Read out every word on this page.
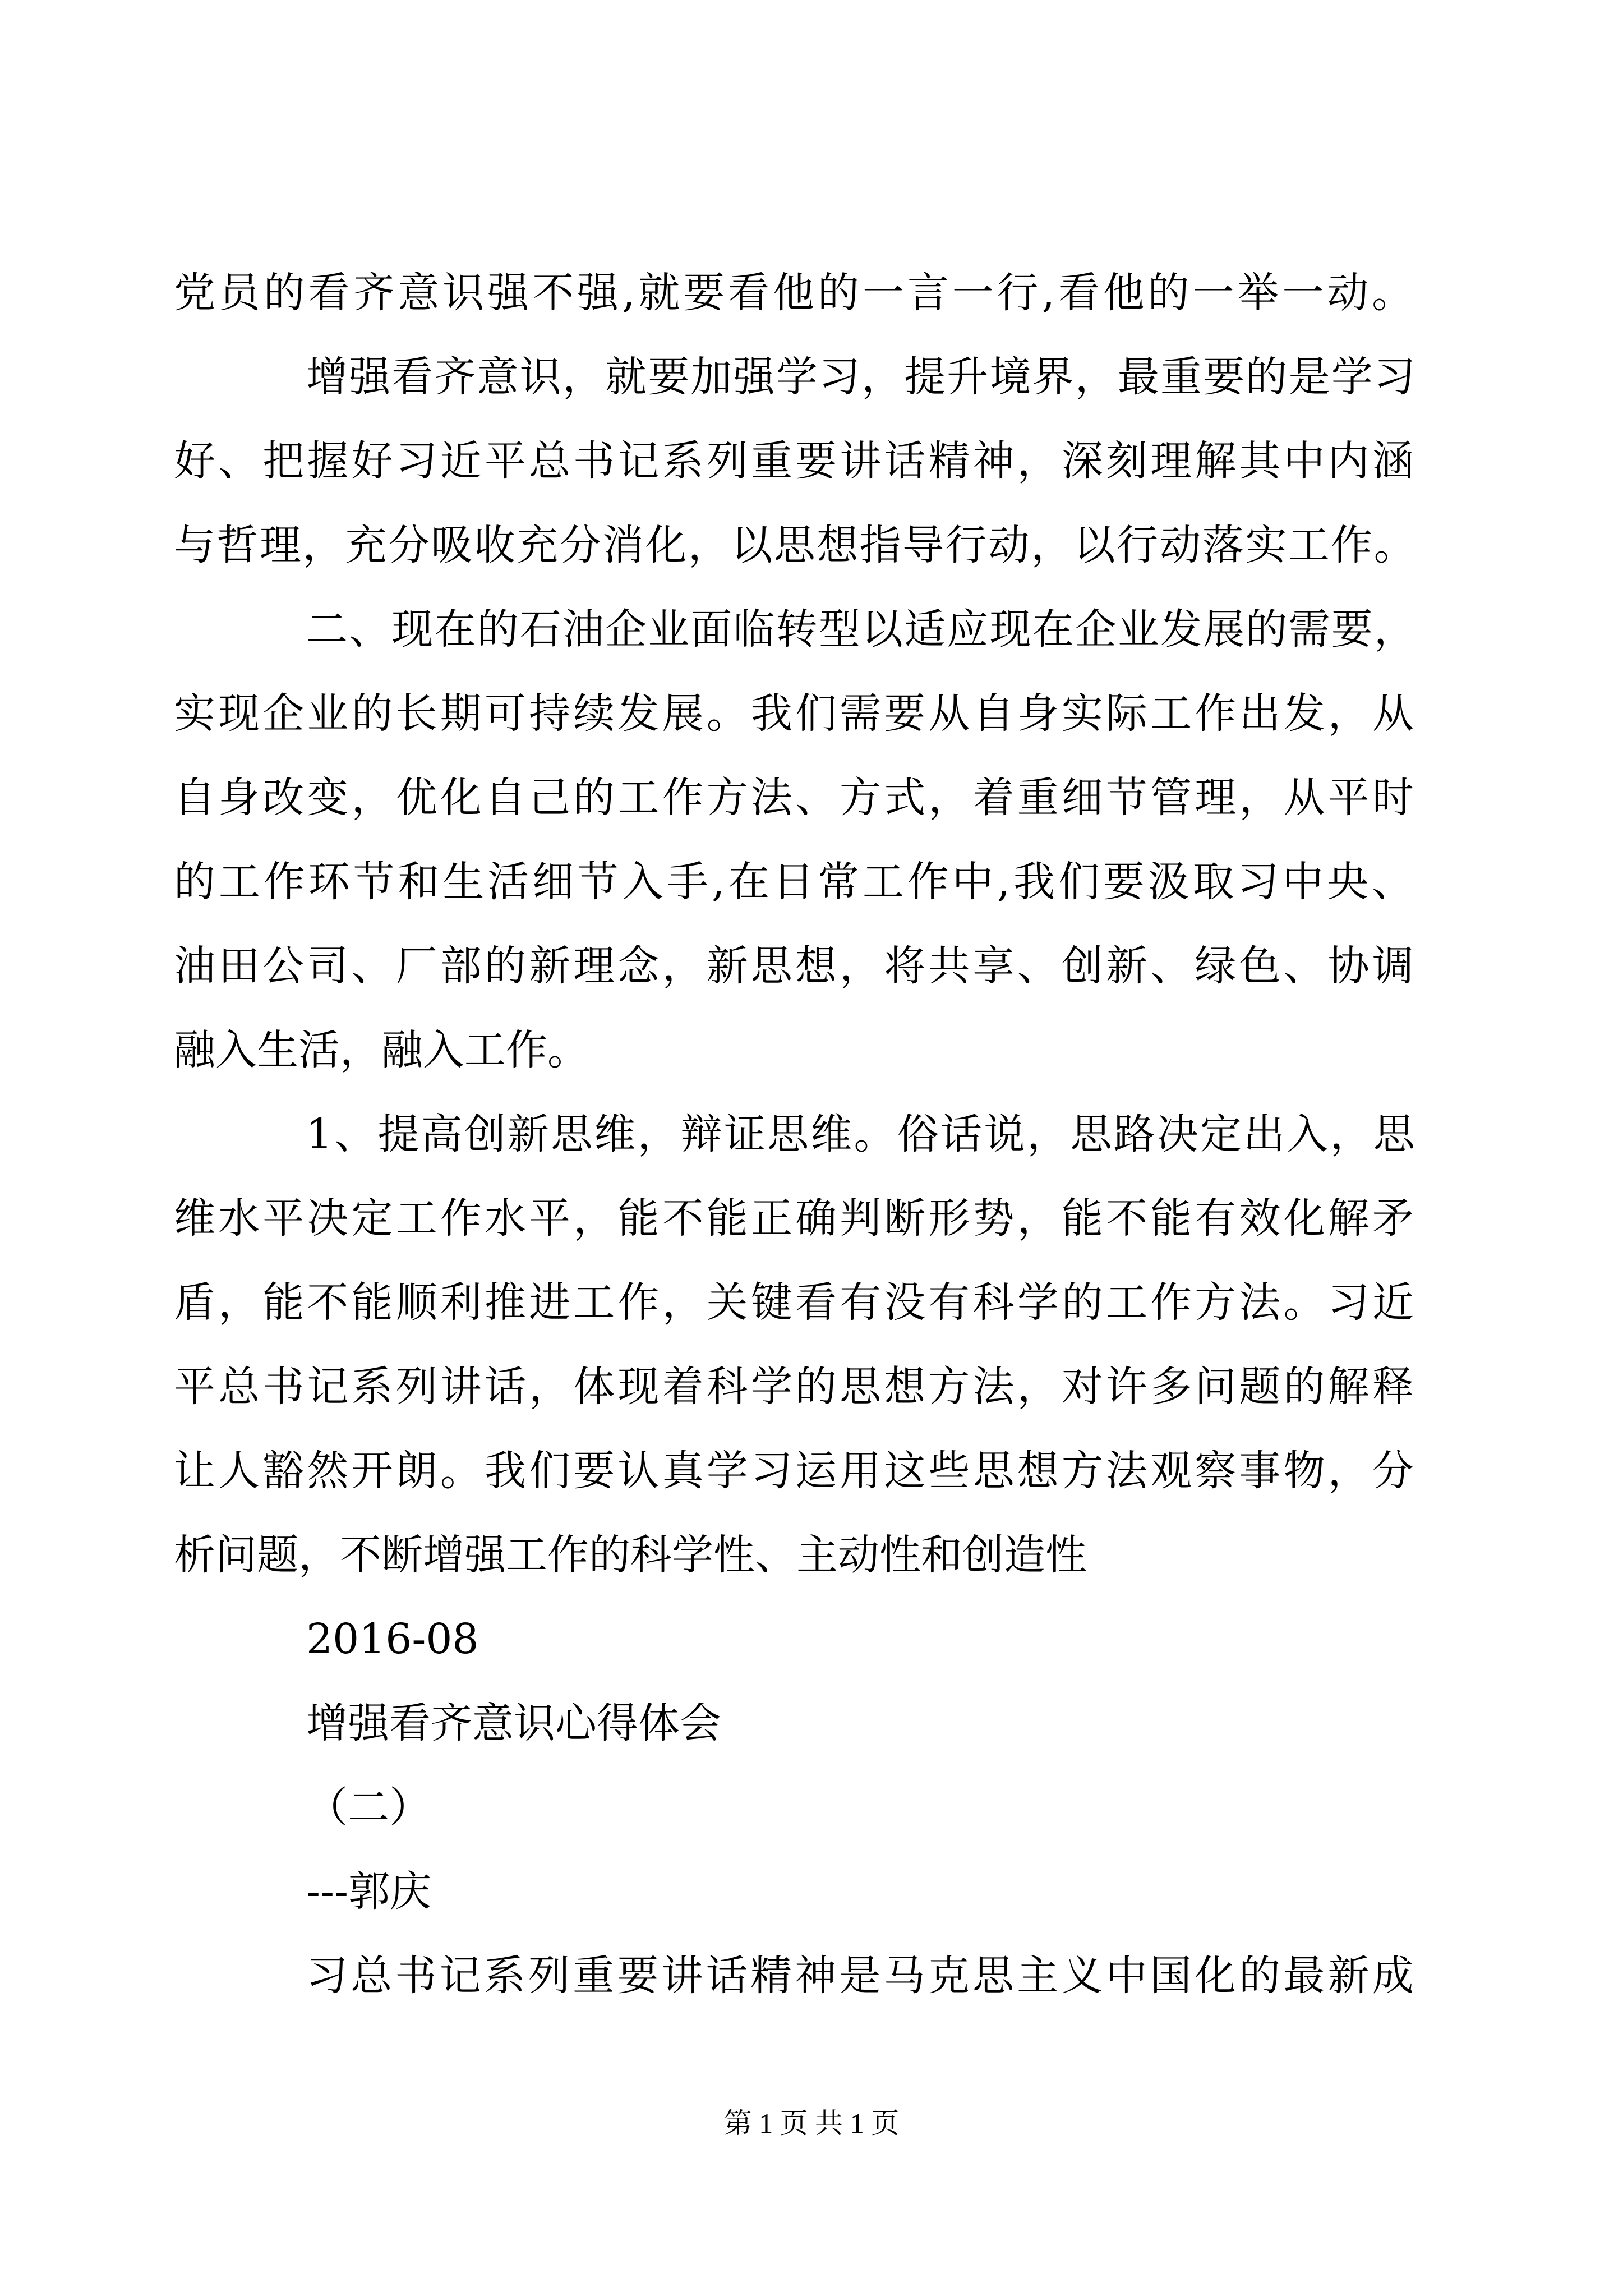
党员的看齐意识强不强,就要看他的一言一行,看他的一举一动。
增强看齐意识，就要加强学习，提升境界，最重要的是学习
好、把握好习近平总书记系列重要讲话精神，深刻理解其中内涵
与哲理，充分吸收充分消化，以思想指导行动，以行动落实工作。
二、现在的石油企业面临转型以适应现在企业发展的需要，
实现企业的长期可持续发展。我们需要从自身实际工作出发，从
自身改变，优化自己的工作方法、方式，着重细节管理，从平时
的工作环节和生活细节入手,在日常工作中,我们要汲取习中央、
油田公司、厂部的新理念，新思想，将共享、创新、绿色、协调
融入生活，融入工作。
1、提高创新思维，辩证思维。俗话说，思路决定出入，思
维水平决定工作水平，能不能正确判断形势，能不能有效化解矛
盾，能不能顺利推进工作，关键看有没有科学的工作方法。习近
平总书记系列讲话，体现着科学的思想方法，对许多问题的解释
让人豁然开朗。我们要认真学习运用这些思想方法观察事物，分
析问题，不断增强工作的科学性、主动性和创造性
2016-08
增强看齐意识心得体会
（二）
---郭庆
习总书记系列重要讲话精神是马克思主义中国化的最新成
第 1 页 共 1 页
